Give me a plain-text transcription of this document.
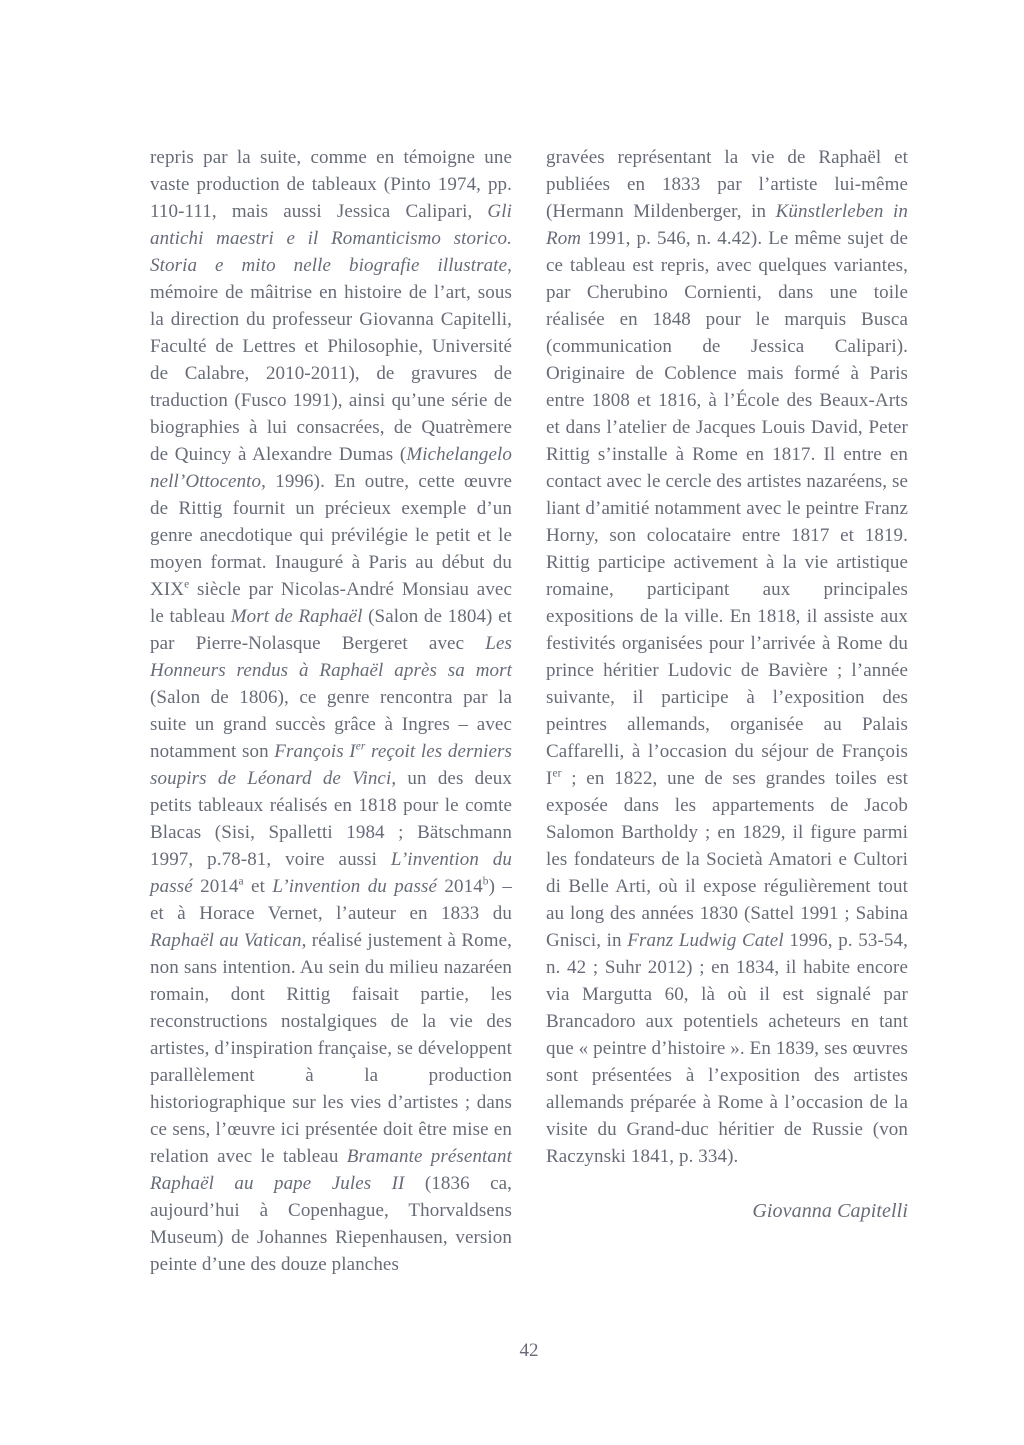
repris par la suite, comme en témoigne une vaste production de tableaux (Pinto 1974, pp. 110-111, mais aussi Jessica Calipari, Gli antichi maestri e il Romanticismo storico. Storia e mito nelle biografie illustrate, mémoire de mâitrise en histoire de l’art, sous la direction du professeur Giovanna Capitelli, Faculté de Lettres et Philosophie, Université de Calabre, 2010-2011), de gravures de traduction (Fusco 1991), ainsi qu’une série de biographies à lui consacrées, de Quatrèmere de Quincy à Alexandre Dumas (Michelangelo nell’Ottocento, 1996). En outre, cette œuvre de Rittig fournit un précieux exemple d’un genre anecdotique qui prévilégie le petit et le moyen format. Inauguré à Paris au début du XIXe siècle par Nicolas-André Monsiau avec le tableau Mort de Raphaël (Salon de 1804) et par Pierre-Nolasque Bergeret avec Les Honneurs rendus à Raphaël après sa mort (Salon de 1806), ce genre rencontra par la suite un grand succès grâce à Ingres – avec notamment son François Ier reçoit les derniers soupirs de Léonard de Vinci, un des deux petits tableaux réalisés en 1818 pour le comte Blacas (Sisi, Spalletti 1984 ; Bätschmann 1997, p.78-81, voire aussi L’invention du passé 2014$^a$ et L’invention du passé 2014$^b$) – et à Horace Vernet, l’auteur en 1833 du Raphaël au Vatican, réalisé justement à Rome, non sans intention. Au sein du milieu nazaréen romain, dont Rittig faisait partie, les reconstructions nostalgiques de la vie des artistes, d’inspiration française, se développent parallèlement à la production historiographique sur les vies d’artistes ; dans ce sens, l’œuvre ici présentée doit être mise en relation avec le tableau Bramante présentant Raphaël au pape Jules II (1836 ca, aujourd’hui à Copenhague, Thorvaldsens Museum) de Johannes Riepenhausen, version peinte d’une des douze planches
gravées représentant la vie de Raphaël et publiées en 1833 par l’artiste lui-même (Hermann Mildenberger, in Künstlerleben in Rom 1991, p. 546, n. 4.42). Le même sujet de ce tableau est repris, avec quelques variantes, par Cherubino Cornienti, dans une toile réalisée en 1848 pour le marquis Busca (communication de Jessica Calipari). Originaire de Coblence mais formé à Paris entre 1808 et 1816, à l’École des Beaux-Arts et dans l’atelier de Jacques Louis David, Peter Rittig s’installe à Rome en 1817. Il entre en contact avec le cercle des artistes nazaréens, se liant d’amitié notamment avec le peintre Franz Horny, son colocataire entre 1817 et 1819. Rittig participe activement à la vie artistique romaine, participant aux principales expositions de la ville. En 1818, il assiste aux festivités organisées pour l’arrivée à Rome du prince héritier Ludovic de Bavière ; l’année suivante, il participe à l’exposition des peintres allemands, organisée au Palais Caffarelli, à l’occasion du séjour de François Ier ; en 1822, une de ses grandes toiles est exposée dans les appartements de Jacob Salomon Bartholdy ; en 1829, il figure parmi les fondateurs de la Società Amatori e Cultori di Belle Arti, où il expose régulièrement tout au long des années 1830 (Sattel 1991 ; Sabina Gnisci, in Franz Ludwig Catel 1996, p. 53-54, n. 42 ; Suhr 2012) ; en 1834, il habite encore via Margutta 60, là où il est signalé par Brancadoro aux potentiels acheteurs en tant que « peintre d’histoire ». En 1839, ses œuvres sont présentées à l’exposition des artistes allemands préparée à Rome à l’occasion de la visite du Grand-duc héritier de Russie (von Raczynski 1841, p. 334).
Giovanna Capitelli
42
